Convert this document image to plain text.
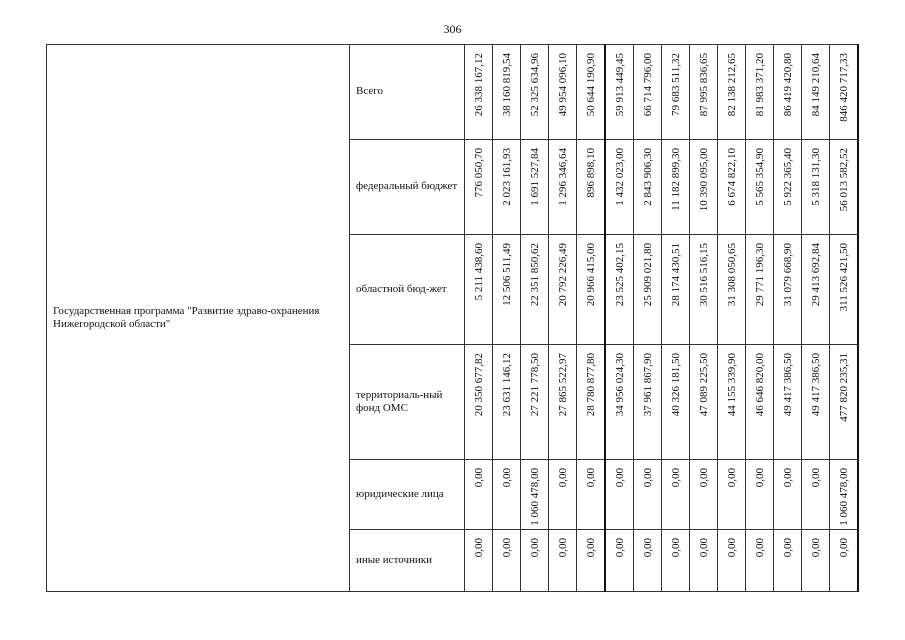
306
Государственная программа "Развитие здраво-охранения Нижегородской области"	Всего	26 338 167,12	38 160 819,54	52 325 634,96	49 954 096,10	50 644 190,90	59 913 449,45	66 714 796,00	79 683 511,32	87 995 836,65	82 138 212,65	81 983 371,20	86 419 420,80	84 149 210,64	846 420 717,33
	федеральный бюджет	776 050,70	2 023 161,93	1 691 527,84	1 296 346,64	896 898,10	1 432 023,00	2 843 906,30	11 182 899,30	10 390 095,00	6 674 822,10	5 565 354,90	5 922 365,40	5 318 131,30	56 013 582,52
	областной бюд-жет	5 211 438,60	12 506 511,49	22 351 850,62	20 792 226,49	20 966 415,00	23 525 402,15	25 909 021,80	28 174 430,51	30 516 516,15	31 308 050,65	29 771 196,30	31 079 668,90	29 413 692,84	311 526 421,50
	территориаль-ный фонд ОМС	20 350 677,82	23 631 146,12	27 221 778,50	27 865 522,97	28 780 877,80	34 956 024,30	37 961 867,90	40 326 181,50	47 089 225,50	44 155 339,90	46 646 820,00	49 417 386,50	49 417 386,50	477 820 235,31
	юридические лица	0,00	0,00	1 060 478,00	0,00	0,00	0,00	0,00	0,00	0,00	0,00	0,00	0,00	0,00	1 060 478,00
	иные источники	0,00	0,00	0,00	0,00	0,00	0,00	0,00	0,00	0,00	0,00	0,00	0,00	0,00	0,00
